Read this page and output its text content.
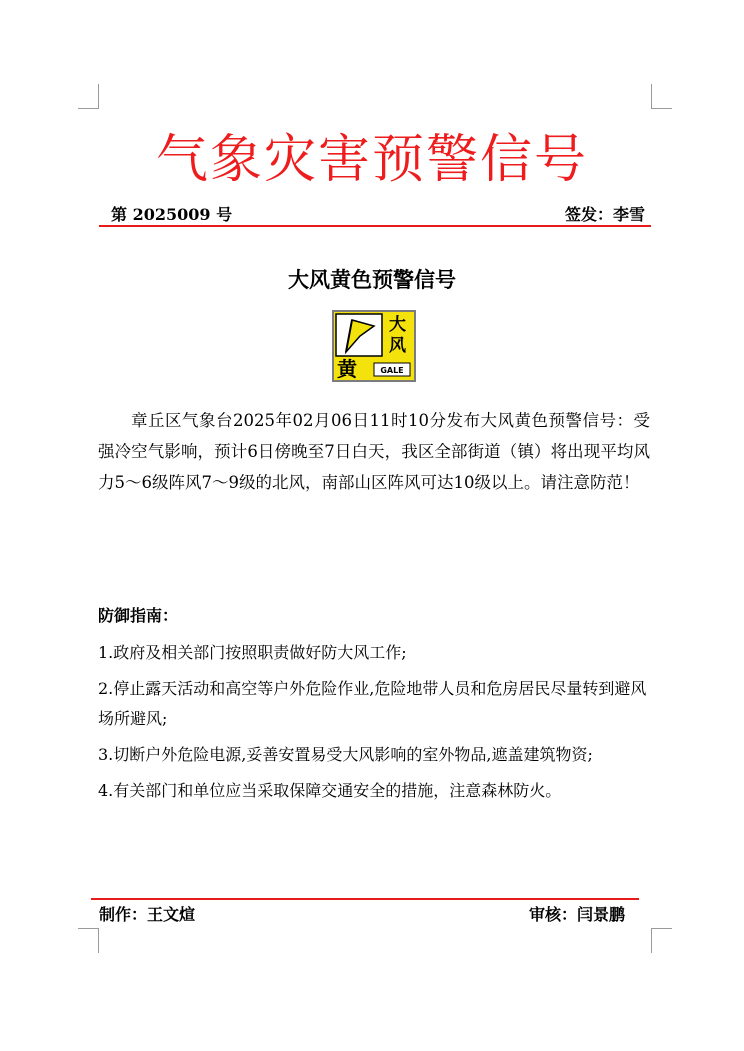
气象灾害预警信号
第 2025009 号	签发：李雪
大风黄色预警信号
大
风
黄	GALE
章丘区气象台2025年02月06日11时10分发布大风黄色预警信号：受强冷空气影响，预计6日傍晚至7日白天，我区全部街道（镇）将出现平均风力5～6级阵风7～9级的北风，南部山区阵风可达10级以上。请注意防范！
防御指南：
1.政府及相关部门按照职责做好防大风工作;
2.停止露天活动和高空等户外危险作业,危险地带人员和危房居民尽量转到避风场所避风;
3.切断户外危险电源,妥善安置易受大风影响的室外物品,遮盖建筑物资;
4.有关部门和单位应当采取保障交通安全的措施，注意森林防火。
制作：王文煊	审核：闫景鹏
